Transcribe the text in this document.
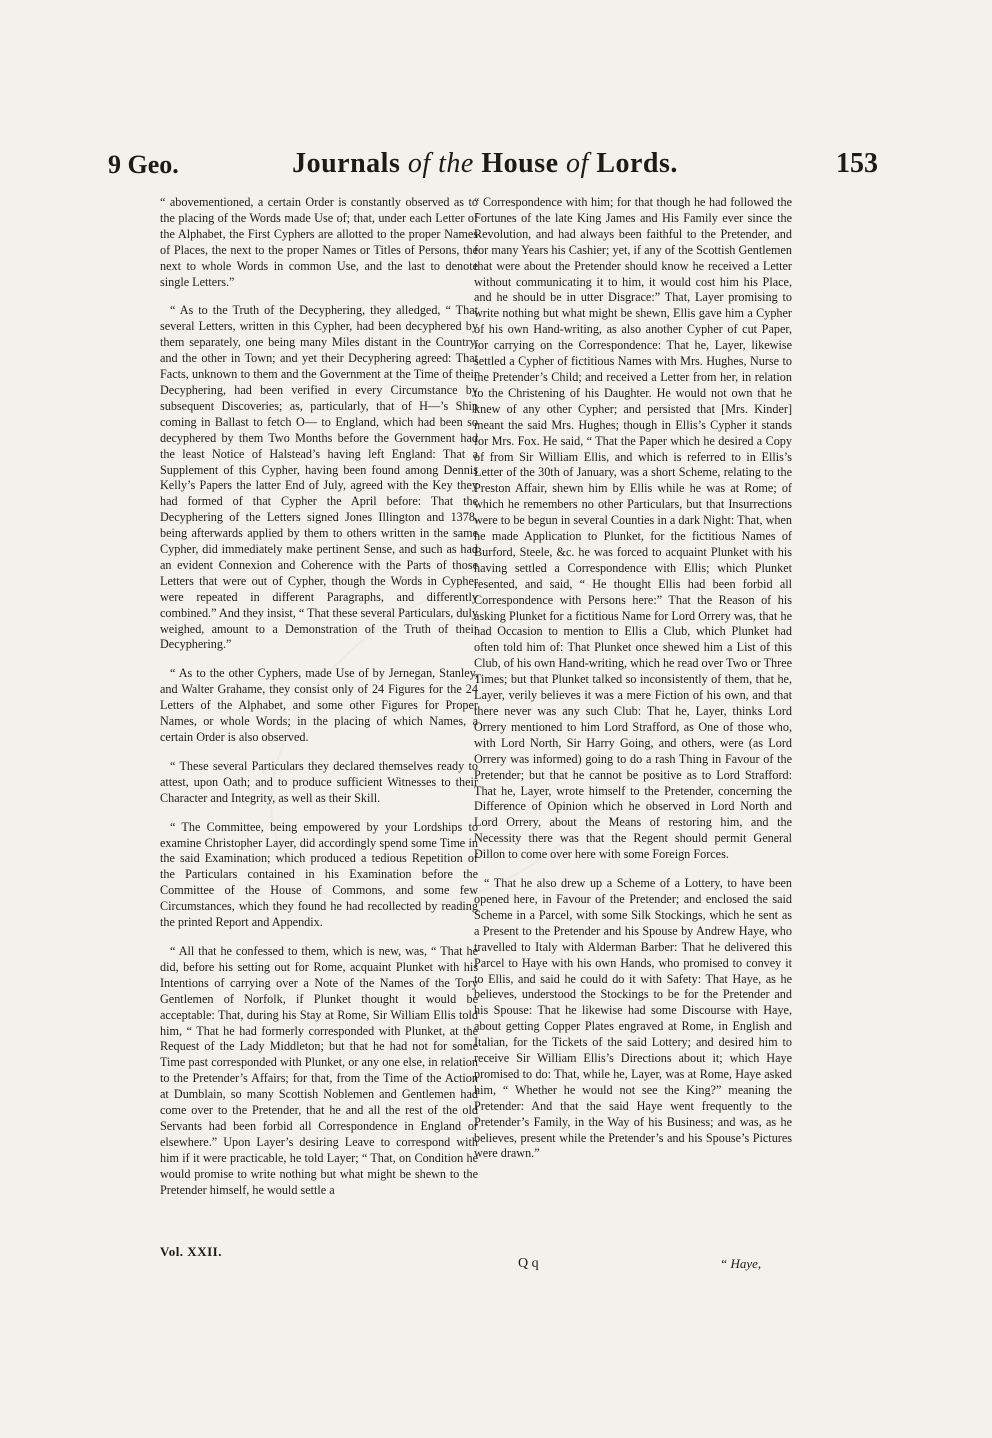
9 Geo.	Journals of the House of Lords.	153

“ abovementioned, a certain Order is constantly observed as to the placing of the Words made Use of; that, under each Letter of the Alphabet, the First Cyphers are allotted to the proper Names of Places, the next to the proper Names or Titles of Persons, the next to whole Words in common Use, and the last to denote single Letters.”

“ As to the Truth of the Decyphering, they alledged, “ That several Letters, written in this Cypher, had been decyphered by them separately, one being many Miles distant in the Country, and the other in Town; and yet their Decyphering agreed: That Facts, unknown to them and the Government at the Time of their Decyphering, had been verified in every Circumstance by subsequent Discoveries; as, particularly, that of H—’s Ship coming in Ballast to fetch O— to England, which had been so decyphered by them Two Months before the Government had the least Notice of Halstead’s having left England: That a Supplement of this Cypher, having been found among Dennis Kelly’s Papers the latter End of July, agreed with the Key they had formed of that Cypher the April before: That the Decyphering of the Letters signed Jones Illington and 1378, being afterwards applied by them to others written in the same Cypher, did immediately make pertinent Sense, and such as had an evident Connexion and Coherence with the Parts of those Letters that were out of Cypher, though the Words in Cypher were repeated in different Paragraphs, and differently combined.” And they insist, “ That these several Particulars, duly weighed, amount to a Demonstration of the Truth of their Decyphering.”

“ As to the other Cyphers, made Use of by Jernegan, Stanley, and Walter Grahame, they consist only of 24 Figures for the 24 Letters of the Alphabet, and some other Figures for Proper Names, or whole Words; in the placing of which Names, a certain Order is also observed.

“ These several Particulars they declared themselves ready to attest, upon Oath; and to produce sufficient Witnesses to their Character and Integrity, as well as their Skill.

“ The Committee, being empowered by your Lordships to examine Christopher Layer, did accordingly spend some Time in the said Examination; which produced a tedious Repetition of the Particulars contained in his Examination before the Committee of the House of Commons, and some few Circumstances, which they found he had recollected by reading the printed Report and Appendix.

“ All that he confessed to them, which is new, was, “ That he did, before his setting out for Rome, acquaint Plunket with his Intentions of carrying over a Note of the Names of the Tory Gentlemen of Norfolk, if Plunket thought it would be acceptable: That, during his Stay at Rome, Sir William Ellis told him, “ That he had formerly corresponded with Plunket, at the Request of the Lady Middleton; but that he had not for some Time past corresponded with Plunket, or any one else, in relation to the Pretender’s Affairs; for that, from the Time of the Action at Dumblain, so many Scottish Noblemen and Gentlemen had come over to the Pretender, that he and all the rest of the old Servants had been forbid all Correspondence in England or elsewhere.” Upon Layer’s desiring Leave to correspond with him if it were practicable, he told Layer; “ That, on Condition he would promise to write nothing but what might be shewn to the Pretender himself, he would settle a

“ Correspondence with him; for that though he had followed the Fortunes of the late King James and His Family ever since the Revolution, and had always been faithful to the Pretender, and for many Years his Cashier; yet, if any of the Scottish Gentlemen that were about the Pretender should know he received a Letter without communicating it to him, it would cost him his Place, and he should be in utter Disgrace:” That, Layer promising to write nothing but what might be shewn, Ellis gave him a Cypher of his own Hand-writing, as also another Cypher of cut Paper, for carrying on the Correspondence: That he, Layer, likewise settled a Cypher of fictitious Names with Mrs. Hughes, Nurse to the Pretender’s Child; and received a Letter from her, in relation to the Christening of his Daughter. He would not own that he knew of any other Cypher; and persisted that [Mrs. Kinder] meant the said Mrs. Hughes; though in Ellis’s Cypher it stands for Mrs. Fox. He said, “ That the Paper which he desired a Copy of from Sir William Ellis, and which is referred to in Ellis’s Letter of the 30th of January, was a short Scheme, relating to the Preston Affair, shewn him by Ellis while he was at Rome; of which he remembers no other Particulars, but that Insurrections were to be begun in several Counties in a dark Night: That, when he made Application to Plunket, for the fictitious Names of Burford, Steele, &c. he was forced to acquaint Plunket with his having settled a Correspondence with Ellis; which Plunket resented, and said, “ He thought Ellis had been forbid all Correspondence with Persons here:” That the Reason of his asking Plunket for a fictitious Name for Lord Orrery was, that he had Occasion to mention to Ellis a Club, which Plunket had often told him of: That Plunket once shewed him a List of this Club, of his own Hand-writing, which he read over Two or Three Times; but that Plunket talked so inconsistently of them, that he, Layer, verily believes it was a mere Fiction of his own, and that there never was any such Club: That he, Layer, thinks Lord Orrery mentioned to him Lord Strafford, as One of those who, with Lord North, Sir Harry Going, and others, were (as Lord Orrery was informed) going to do a rash Thing in Favour of the Pretender; but that he cannot be positive as to Lord Strafford: That he, Layer, wrote himself to the Pretender, concerning the Difference of Opinion which he observed in Lord North and Lord Orrery, about the Means of restoring him, and the Necessity there was that the Regent should permit General Dillon to come over here with some Foreign Forces.

“ That he also drew up a Scheme of a Lottery, to have been opened here, in Favour of the Pretender; and enclosed the said Scheme in a Parcel, with some Silk Stockings, which he sent as a Present to the Pretender and his Spouse by Andrew Haye, who travelled to Italy with Alderman Barber: That he delivered this Parcel to Haye with his own Hands, who promised to convey it to Ellis, and said he could do it with Safety: That Haye, as he believes, understood the Stockings to be for the Pretender and his Spouse: That he likewise had some Discourse with Haye, about getting Copper Plates engraved at Rome, in English and Italian, for the Tickets of the said Lottery; and desired him to receive Sir William Ellis’s Directions about it; which Haye promised to do: That, while he, Layer, was at Rome, Haye asked him, “ Whether he would not see the King?” meaning the Pretender: And that the said Haye went frequently to the Pretender’s Family, in the Way of his Business; and was, as he believes, present while the Pretender’s and his Spouse’s Pictures were drawn.”

Vol. XXII.
Q q	“ Haye,
